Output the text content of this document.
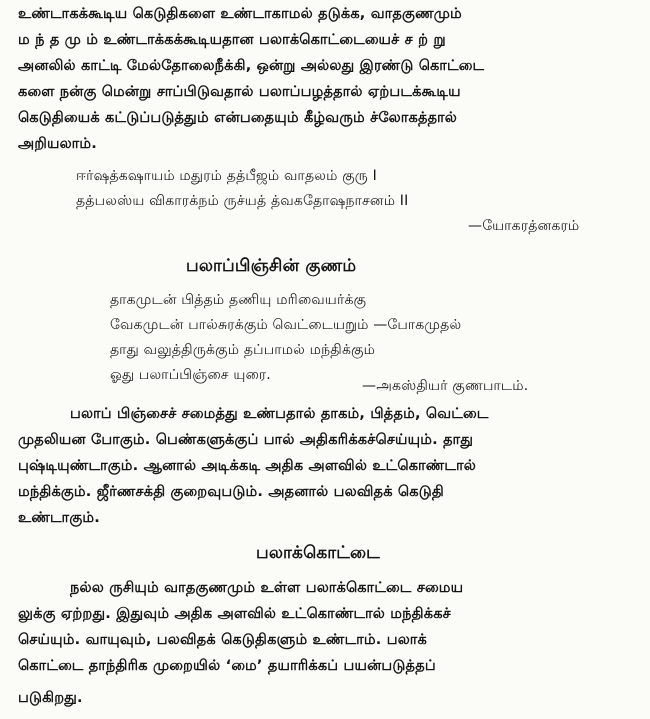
உண்டாகக்கூடிய கெடுதிகளை உண்டாகாமல் தடுக்க, வாதகுணமும்
ம ந் த மு ம் உண்டாக்கக்கூடியதான பலாக்கொட்டையைச் ச ற் று
அனலில் காட்டி மேல்தோலைநீக்கி, ஒன்று அல்லது இரண்டு கொட்டை
களை நன்கு மென்று சாப்பிடுவதால் பலாப்பழத்தால் ஏற்படக்கூடிய
கெடுதியைக் கட்டுப்படுத்தும் என்பதையும் கீழ்வரும் ச்லோகத்தால்
அறியலாம்.
ஈர்ஷத்கஷாயம் மதுரம் தத்பீஜம் வாதலம் குரு I
தத்பலஸ்ய விகாரக்நம் ருச்யத் த்வகதோஷநாசனம் II
—யோகரத்னகரம்
பலாப்பிஞ்சின் குணம்
தாகமுடன் பித்தம் தணியு மரிவையர்க்கு
வேகமுடன் பால்சுரக்கும் வெட்டையறும் —போகமுதல்
தாது வலுத்திருக்கும் தப்பாமல் மந்திக்கும்
ஓது பலாப்பிஞ்சை யுரை.
—அகஸ்தியர் குணபாடம்.
பலாப் பிஞ்சைச் சமைத்து உண்பதால் தாகம், பித்தம், வெட்டை
முதலியன போகும். பெண்களுக்குப் பால் அதிகரிக்கச்செய்யும். தாது
புஷ்டியுண்டாகும். ஆனால் அடிக்கடி அதிக அளவில் உட்கொண்டால்
மந்திக்கும். ஜீர்ணசக்தி குறைவுபடும். அதனால் பலவிதக் கெடுதி
உண்டாகும்.
பலாக்கொட்டை
நல்ல ருசியும் வாதகுணமும் உள்ள பலாக்கொட்டை சமைய
லுக்கு ஏற்றது. இதுவும் அதிக அளவில் உட்கொண்டால் மந்திக்கச்
செய்யும். வாயுவும், பலவிதக் கெடுதிகளும் உண்டாம். பலாக்
கொட்டை தாந்திரிக முறையில் ‘மை’ தயாரிக்கப் பயன்படுத்தப்
படுகிறது.
